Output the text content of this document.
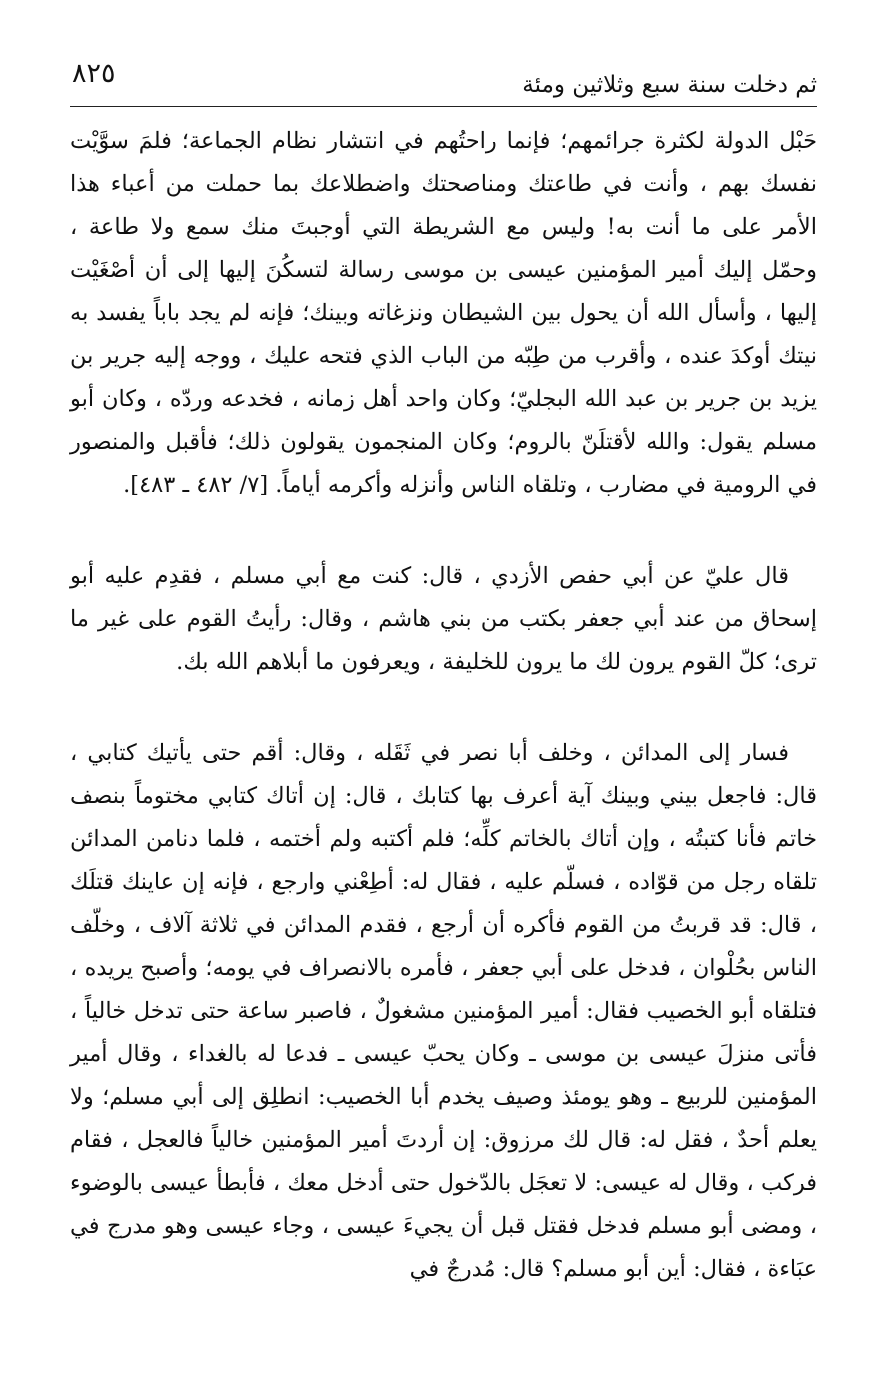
٨٢٥	ثم دخلت سنة سبع وثلاثين ومئة

حَبْل الدولة لكثرة جرائمهم؛ فإنما راحتُهم في انتشار نظام الجماعة؛ فلمَ سوَّيْت نفسك بهم ، وأنت في طاعتك ومناصحتك واضطلاعك بما حملت من أعباء هذا الأمر على ما أنت به! وليس مع الشريطة التي أوجبتَ منك سمع ولا طاعة ، وحمّل إليك أمير المؤمنين عيسى بن موسى رسالة لتسكُنَ إليها إلى أن أصْغَيْت إليها ، وأسأل الله أن يحول بين الشيطان ونزغاته وبينك؛ فإنه لم يجد باباً يفسد به نيتك أوكدَ عنده ، وأقرب من طِبّه من الباب الذي فتحه عليك ، ووجه إليه جرير بن يزيد بن جرير بن عبد الله البجليّ؛ وكان واحد أهل زمانه ، فخدعه وردّه ، وكان أبو مسلم يقول: والله لأقتلَنّ بالروم؛ وكان المنجمون يقولون ذلك؛ فأقبل والمنصور في الرومية في مضارب ، وتلقاه الناس وأنزله وأكرمه أياماً. [٧/ ٤٨٢ ـ ٤٨٣].

قال عليّ عن أبي حفص الأزدي ، قال: كنت مع أبي مسلم ، فقدِم عليه أبو إسحاق من عند أبي جعفر بكتب من بني هاشم ، وقال: رأيتُ القوم على غير ما ترى؛ كلّ القوم يرون لك ما يرون للخليفة ، ويعرفون ما أبلاهم الله بك.

فسار إلى المدائن ، وخلف أبا نصر في ثَقَله ، وقال: أقم حتى يأتيك كتابي ، قال: فاجعل بيني وبينك آية أعرف بها كتابك ، قال: إن أتاك كتابي مختوماً بنصف خاتم فأنا كتبتُه ، وإن أتاك بالخاتم كلِّه؛ فلم أكتبه ولم أختمه ، فلما دنامن المدائن تلقاه رجل من قوّاده ، فسلّم عليه ، فقال له: أطِعْني وارجع ، فإنه إن عاينك قتلَك ، قال: قد قربتُ من القوم فأكره أن أرجع ، فقدم المدائن في ثلاثة آلاف ، وخلّف الناس بحُلْوان ، فدخل على أبي جعفر ، فأمره بالانصراف في يومه؛ وأصبح يريده ، فتلقاه أبو الخصيب فقال: أمير المؤمنين مشغولٌ ، فاصبر ساعة حتى تدخل خالياً ، فأتى منزلَ عيسى بن موسى ـ وكان يحبّ عيسى ـ فدعا له بالغداء ، وقال أمير المؤمنين للربيع ـ وهو يومئذ وصيف يخدم أبا الخصيب: انطلِق إلى أبي مسلم؛ ولا يعلم أحدٌ ، فقل له: قال لك مرزوق: إن أردتَ أمير المؤمنين خالياً فالعجل ، فقام فركب ، وقال له عيسى: لا تعجَل بالدّخول حتى أدخل معك ، فأبطأ عيسى بالوضوء ، ومضى أبو مسلم فدخل فقتل قبل أن يجيءَ عيسى ، وجاء عيسى وهو مدرج في عبَاءة ، فقال: أين أبو مسلم؟ قال: مُدرجٌ في
